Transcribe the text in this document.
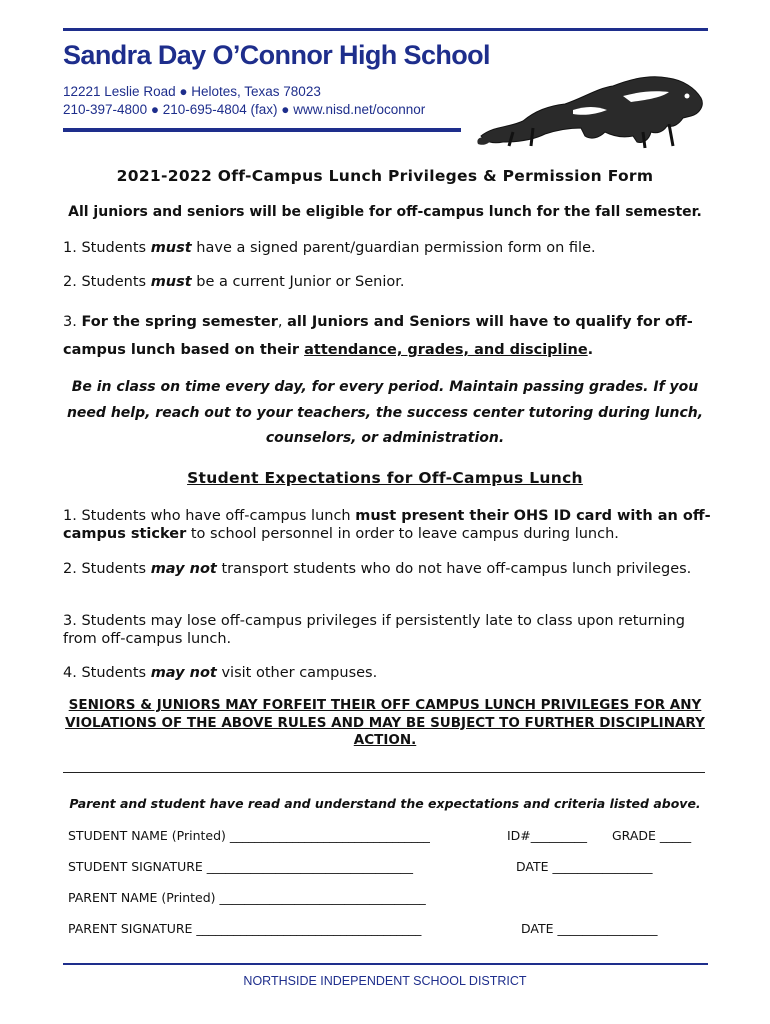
Sandra Day O’Connor High School
12221 Leslie Road ● Helotes, Texas 78023
210-397-4800 ● 210-695-4804 (fax) ● www.nisd.net/oconnor
2021-2022 Off-Campus Lunch Privileges & Permission Form
All juniors and seniors will be eligible for off-campus lunch for the fall semester.
1. Students must have a signed parent/guardian permission form on file.
2. Students must be a current Junior or Senior.
3. For the spring semester, all Juniors and Seniors will have to qualify for off-campus lunch based on their attendance, grades, and discipline.
Be in class on time every day, for every period. Maintain passing grades. If you need help, reach out to your teachers, the success center tutoring during lunch, counselors, or administration.
Student Expectations for Off-Campus Lunch
1. Students who have off-campus lunch must present their OHS ID card with an off-campus sticker to school personnel in order to leave campus during lunch.
2. Students may not transport students who do not have off-campus lunch privileges.
3. Students may lose off-campus privileges if persistently late to class upon returning from off-campus lunch.
4. Students may not visit other campuses.
SENIORS & JUNIORS MAY FORFEIT THEIR OFF CAMPUS LUNCH PRIVILEGES FOR ANY VIOLATIONS OF THE ABOVE RULES AND MAY BE SUBJECT TO FURTHER DISCIPLINARY ACTION.
Parent and student have read and understand the expectations and criteria listed above.
STUDENT NAME (Printed) ________________________________	ID#_________ GRADE _____
STUDENT SIGNATURE _________________________________	DATE ________________
PARENT NAME (Printed) _________________________________
PARENT SIGNATURE ____________________________________	DATE ________________
NORTHSIDE INDEPENDENT SCHOOL DISTRICT
